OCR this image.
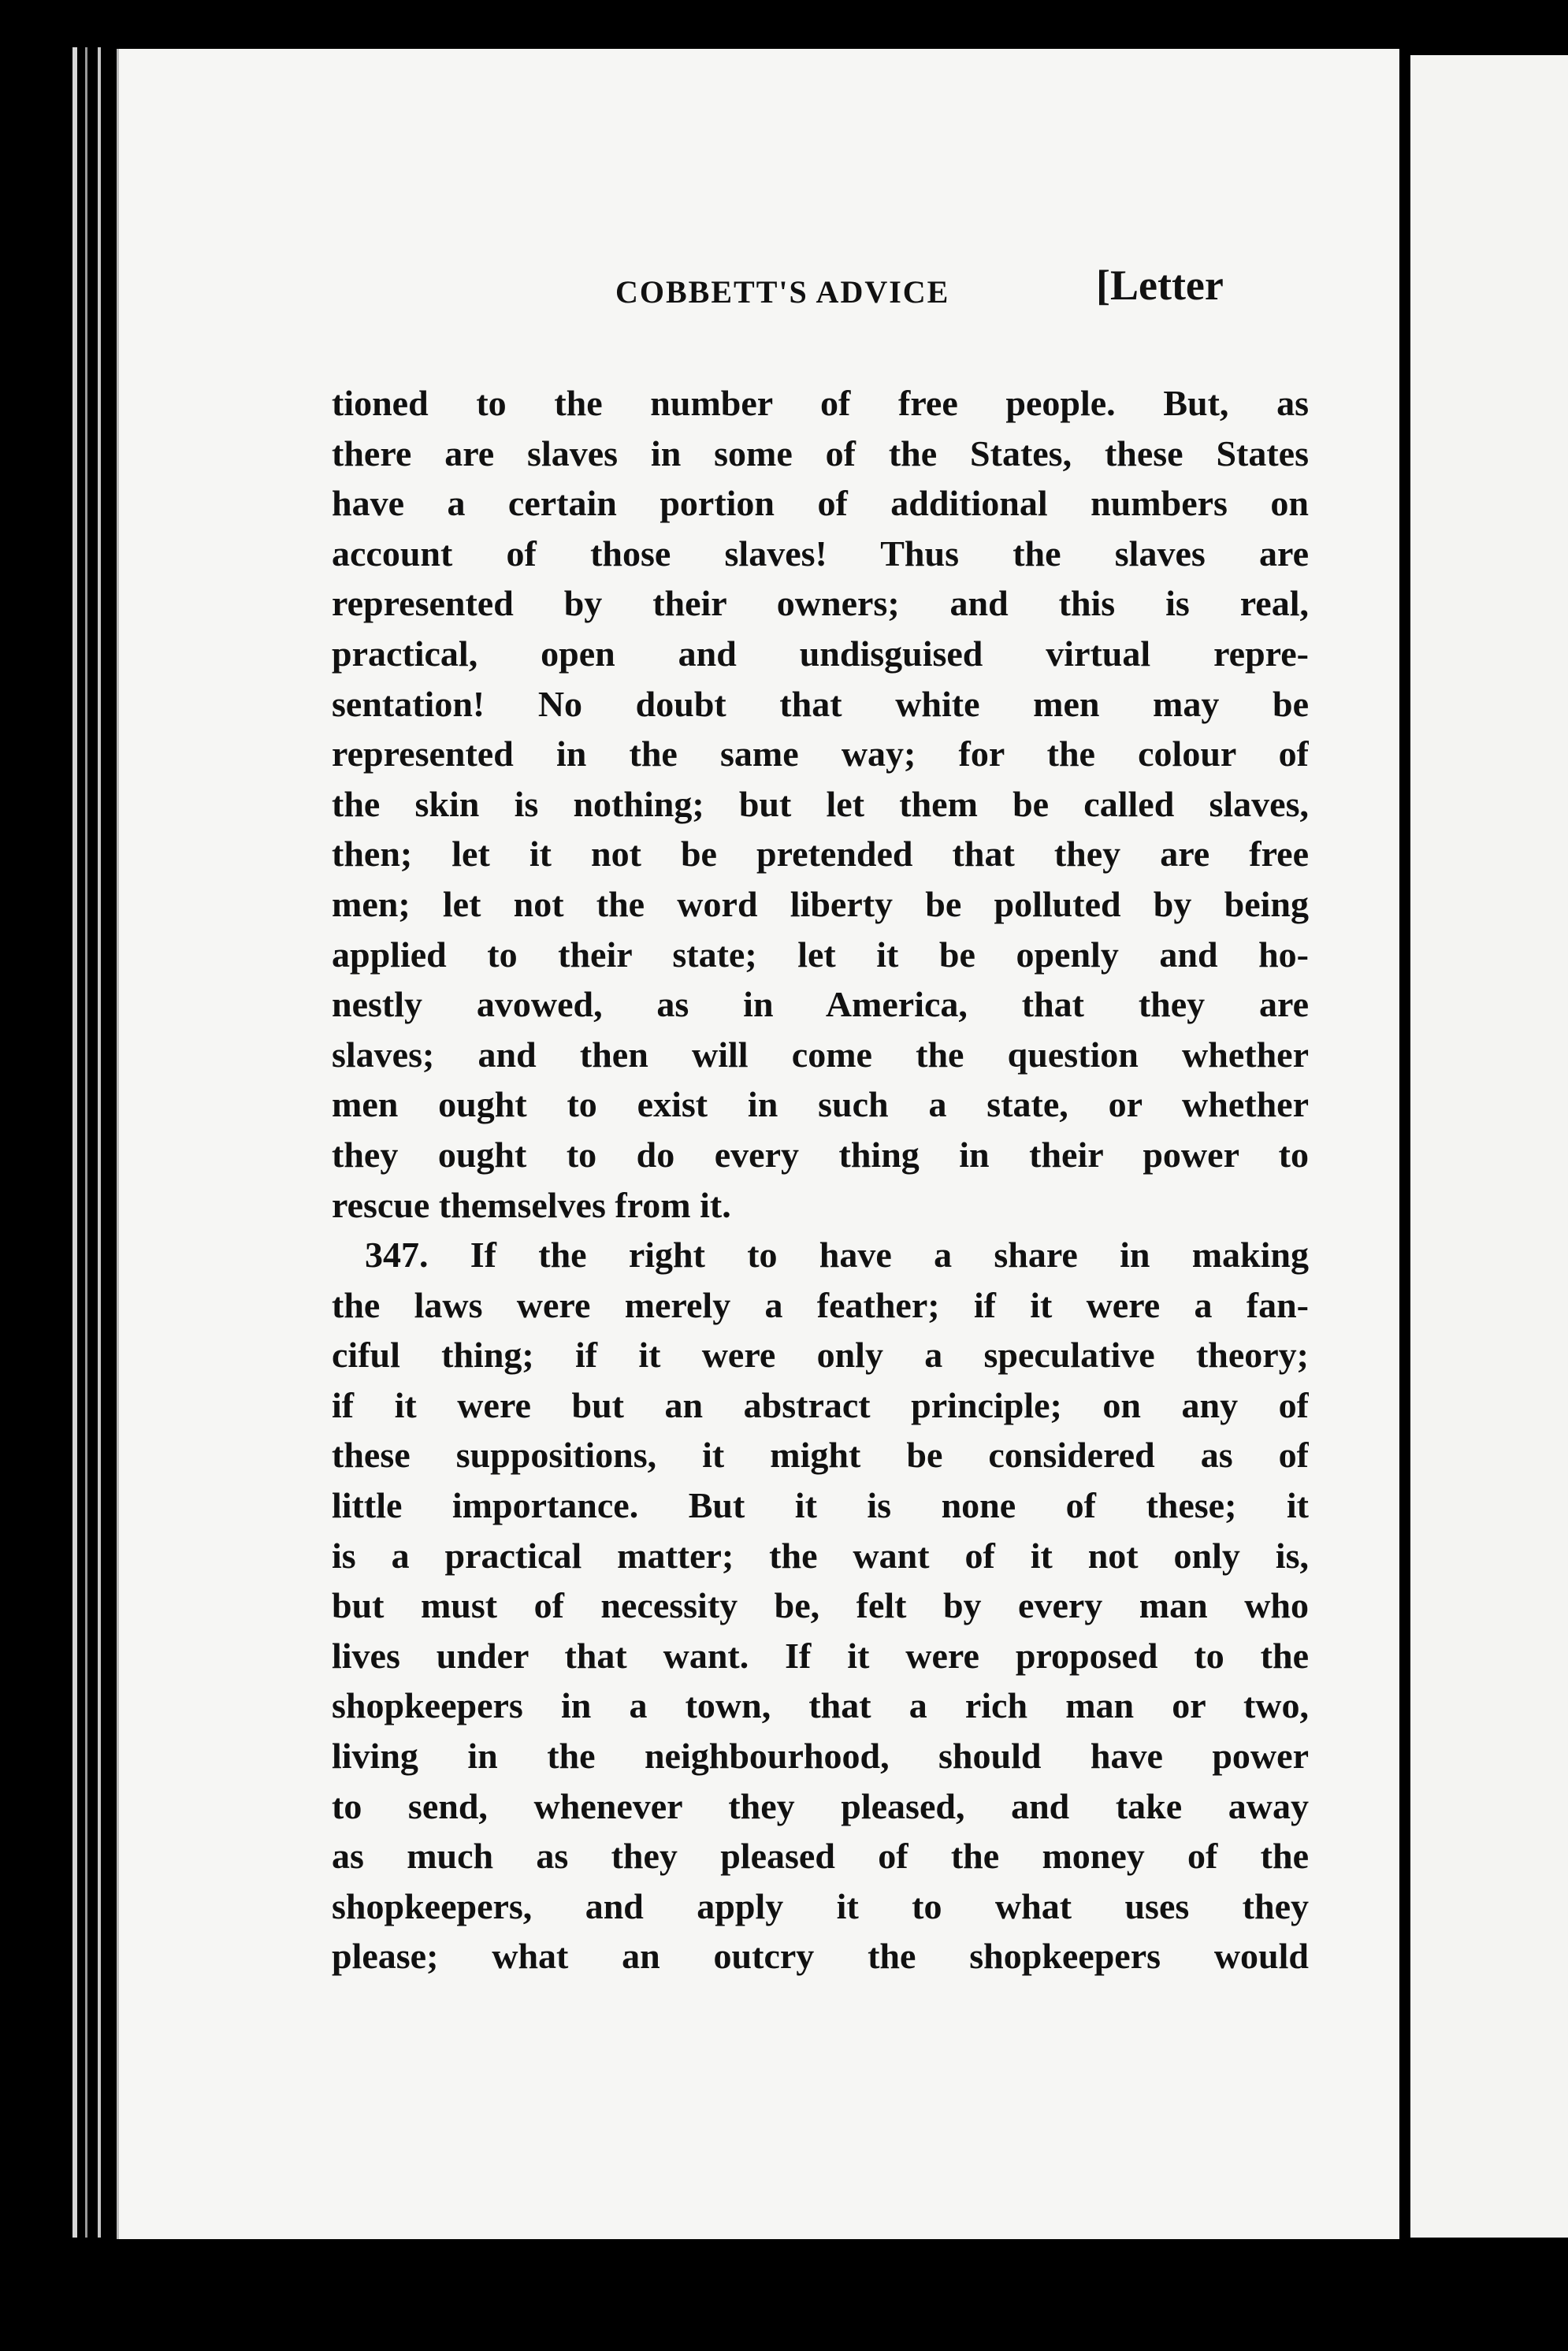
COBBETT'S ADVICE	[Letter
tioned to the number of free people. But, as
there are slaves in some of the States, these States
have a certain portion of additional numbers on
account of those slaves! Thus the slaves are
represented by their owners; and this is real,
practical, open and undisguised virtual repre-
sentation! No doubt that white men may be
represented in the same way; for the colour of
the skin is nothing; but let them be called slaves,
then; let it not be pretended that they are free
men; let not the word liberty be polluted by being
applied to their state; let it be openly and ho-
nestly avowed, as in America, that they are
slaves; and then will come the question whether
men ought to exist in such a state, or whether
they ought to do every thing in their power to
rescue themselves from it.
347. If the right to have a share in making
the laws were merely a feather; if it were a fan-
ciful thing; if it were only a speculative theory;
if it were but an abstract principle; on any of
these suppositions, it might be considered as of
little importance. But it is none of these; it
is a practical matter; the want of it not only is,
but must of necessity be, felt by every man who
lives under that want. If it were proposed to the
shopkeepers in a town, that a rich man or two,
living in the neighbourhood, should have power
to send, whenever they pleased, and take away
as much as they pleased of the money of the
shopkeepers, and apply it to what uses they
please; what an outcry the shopkeepers would
